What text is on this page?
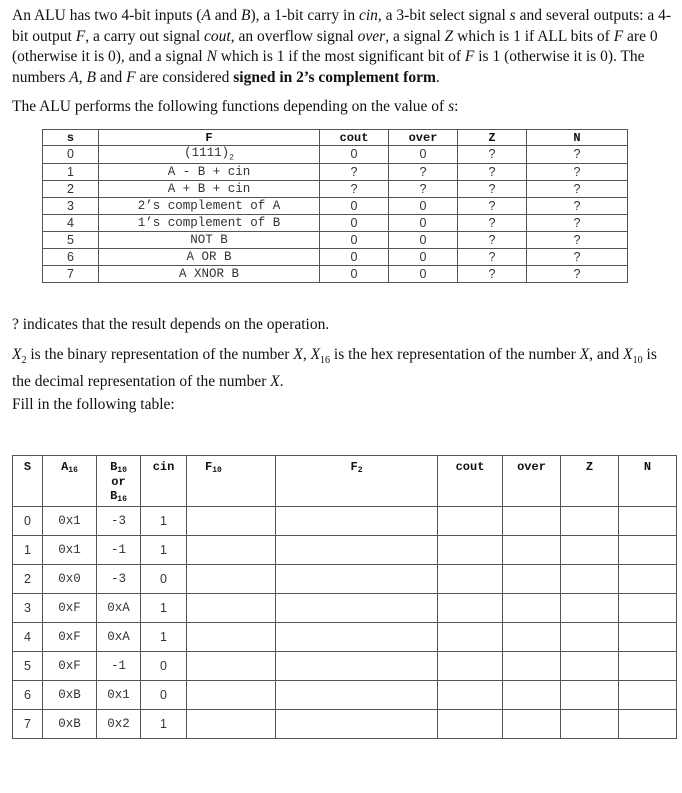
An ALU has two 4-bit inputs (A and B), a 1-bit carry in cin, a 3-bit select signal s and several outputs: a 4-bit output F, a carry out signal cout, an overflow signal over, a signal Z which is 1 if ALL bits of F are 0 (otherwise it is 0), and a signal N which is 1 if the most significant bit of F is 1 (otherwise it is 0). The numbers A, B and F are considered signed in 2’s complement form.
The ALU performs the following functions depending on the value of s:
s	F	cout	over	Z	N
0	$(1111)_2$	0	0	?	?
1	A - B + cin	?	?	?	?
2	A + B + cin	?	?	?	?
3	2’s complement of A	0	0	?	?
4	1’s complement of B	0	0	?	?
5	NOT B	0	0	?	?
6	A OR B	0	0	?	?
7	A XNOR B	0	0	?	?
? indicates that the result depends on the operation.
$X_2$ is the binary representation of the number X, $X_{16}$ is the hex representation of the number X, and $X_{10}$ is the decimal representation of the number X.
Fill in the following table:
S	$A_{16}$	$B_{10}$
or
$B_{16}$	cin	$F_{10}$	$F_2$	cout	over	Z	N
0	0x1	-3	1						
1	0x1	-1	1						
2	0x0	-3	0						
3	0xF	0xA	1						
4	0xF	0xA	1						
5	0xF	-1	0						
6	0xB	0x1	0						
7	0xB	0x2	1						
